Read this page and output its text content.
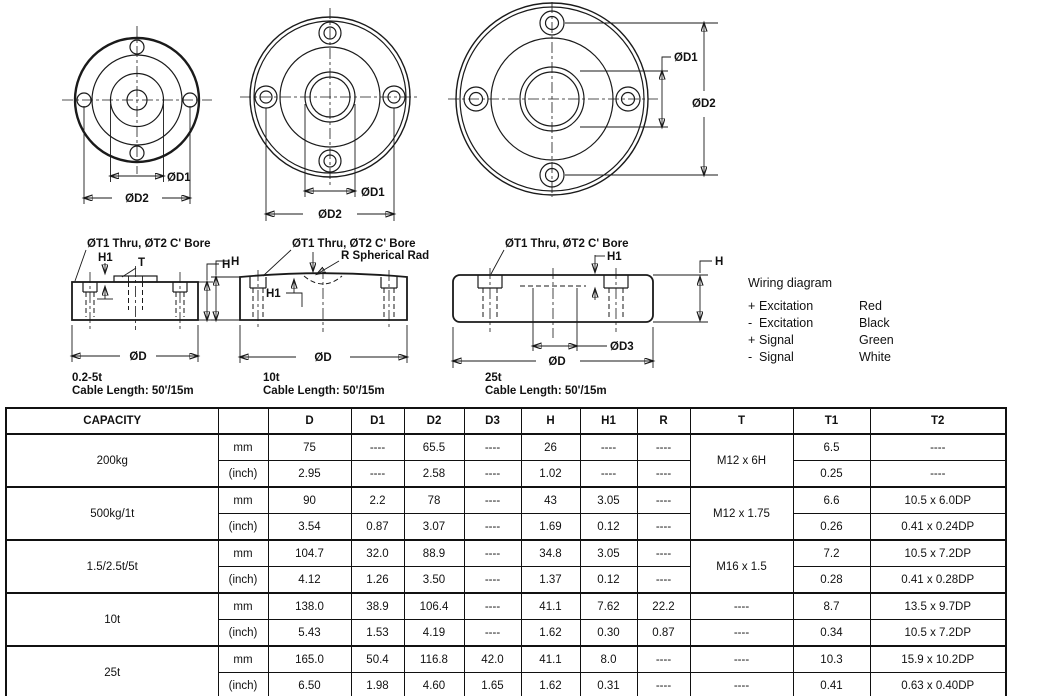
ØD1
ØD2	ØD1
ØD2
ØD1
ØD2
ØT1 Thru, ØT2 C' Bore
H1 T	H
ØD
0.2-5t
Cable Length: 50'/15m
ØT1 Thru, ØT2 C' Bore
R Spherical Rad
H1
H
ØD
10t
Cable Length: 50'/15m
ØT1 Thru, ØT2 C' Bore
H1	H
ØD3
ØD
25t
Cable Length: 50'/15m
Wiring diagram
+ Excitation	Red
- Excitation	Black
+ Signal	Green
- Signal	White
CAPACITY		D	D1	D2	D3	H	H1	R	T	T1	T2
200kg	mm	75	----	65.5	----	26	----	----	M12 x 6H	6.5	----
	(inch)	2.95	----	2.58	----	1.02	----	----		0.25	----
500kg/1t	mm	90	2.2	78	----	43	3.05	----	M12 x 1.75	6.6	10.5 x 6.0DP
	(inch)	3.54	0.87	3.07	----	1.69	0.12	----		0.26	0.41 x 0.24DP
1.5/2.5t/5t	mm	104.7	32.0	88.9	----	34.8	3.05	----	M16 x 1.5	7.2	10.5 x 7.2DP
	(inch)	4.12	1.26	3.50	----	1.37	0.12	----		0.28	0.41 x 0.28DP
10t	mm	138.0	38.9	106.4	----	41.1	7.62	22.2	----	8.7	13.5 x 9.7DP
	(inch)	5.43	1.53	4.19	----	1.62	0.30	0.87	----	0.34	10.5 x 7.2DP
25t	mm	165.0	50.4	116.8	42.0	41.1	8.0	----	----	10.3	15.9 x 10.2DP
	(inch)	6.50	1.98	4.60	1.65	1.62	0.31	----	----	0.41	0.63 x 0.40DP
